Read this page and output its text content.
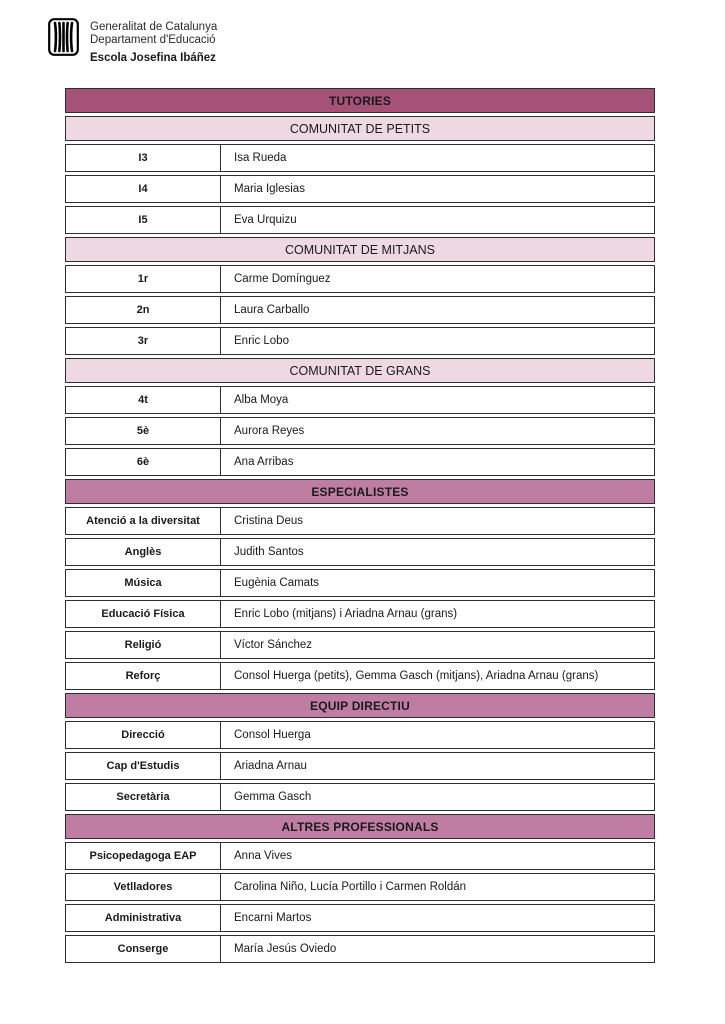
Generalitat de Catalunya
Departament d'Educació
Escola Josefina Ibáñez
TUTORIES
COMUNITAT DE PETITS
I3	Isa Rueda
I4	Maria Iglesias
I5	Eva Urquizu
COMUNITAT DE MITJANS
1r	Carme Domínguez
2n	Laura Carballo
3r	Enric Lobo
COMUNITAT DE GRANS
4t	Alba Moya
5è	Aurora Reyes
6è	Ana Arribas
ESPECIALISTES
Atenció a la diversitat	Cristina Deus
Anglès	Judith Santos
Música	Eugènia Camats
Educació Física	Enric Lobo (mitjans) i Ariadna Arnau (grans)
Religió	Víctor Sánchez
Reforç	Consol Huerga (petits), Gemma Gasch (mitjans), Ariadna Arnau (grans)
EQUIP DIRECTIU
Direcció	Consol Huerga
Cap d'Estudis	Ariadna Arnau
Secretària	Gemma Gasch
ALTRES PROFESSIONALS
Psicopedagoga EAP	Anna Vives
Vetlladores	Carolina Niño, Lucía Portillo i Carmen Roldán
Administrativa	Encarni Martos
Conserge	María Jesús Oviedo
